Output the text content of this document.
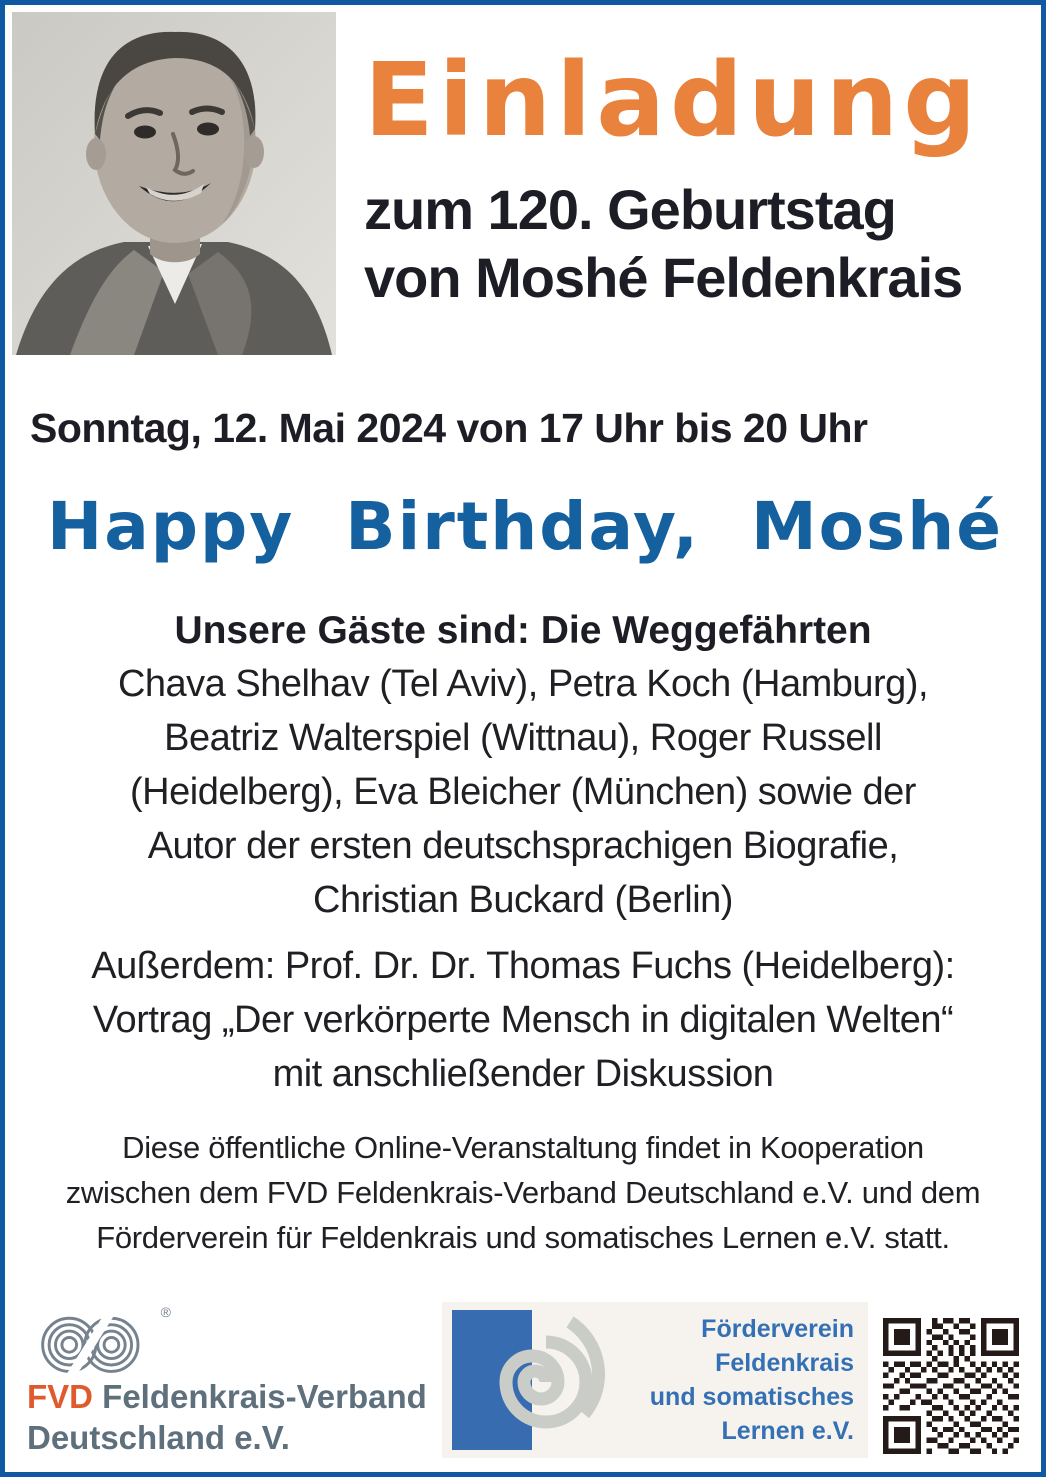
Einladung
zum 120. Geburtstag
von Moshé Feldenkrais
Sonntag, 12. Mai 2024 von 17 Uhr bis 20 Uhr
Happy Birthday, Moshé
Unsere Gäste sind: Die Weggefährten
Chava Shelhav (Tel Aviv), Petra Koch (Hamburg),
Beatriz Walterspiel (Wittnau), Roger Russell
(Heidelberg), Eva Bleicher (München) sowie der
Autor der ersten deutschsprachigen Biografie,
Christian Buckard (Berlin)
Außerdem: Prof. Dr. Dr. Thomas Fuchs (Heidelberg):
Vortrag „Der verkörperte Mensch in digitalen Welten“
mit anschließender Diskussion
Diese öffentliche Online-Veranstaltung findet in Kooperation
zwischen dem FVD Feldenkrais-Verband Deutschland e.V. und dem
Förderverein für Feldenkrais und somatisches Lernen e.V. statt.
®
FVD Feldenkrais-Verband
Deutschland e.V.
Förderverein
Feldenkrais
und somatisches
Lernen e.V.
